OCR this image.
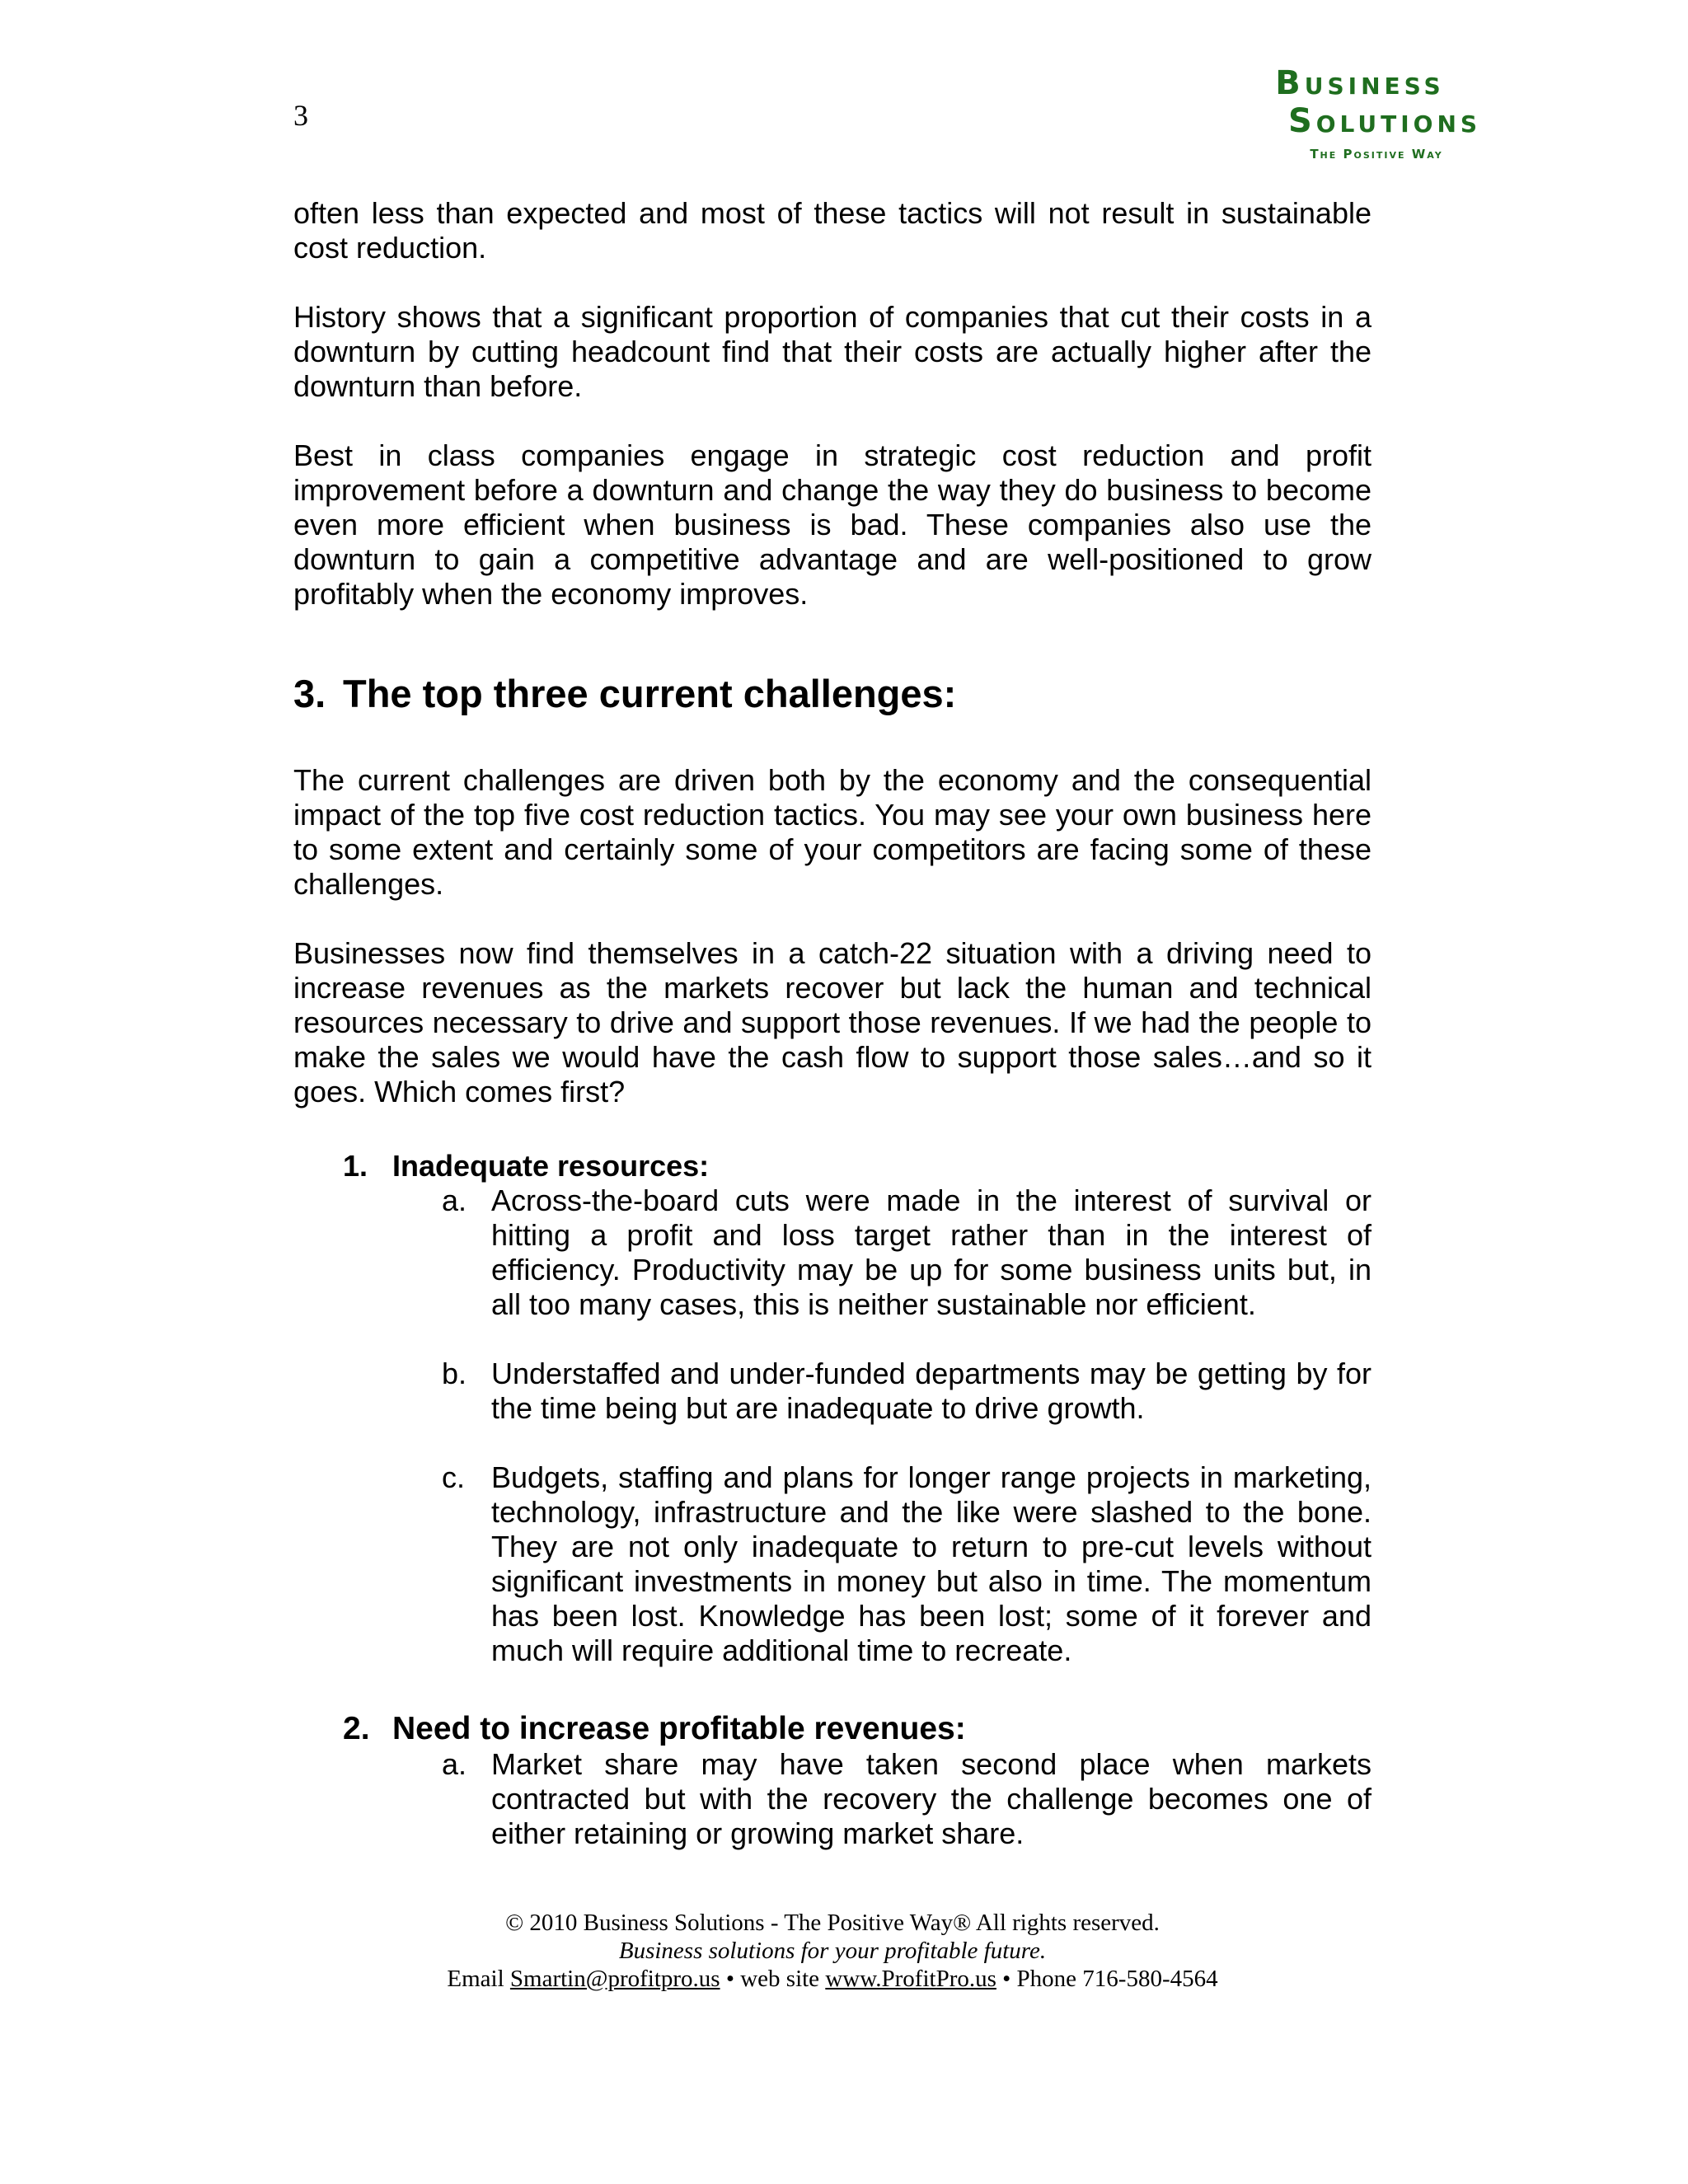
3
Business
Solutions
The Positive Way

often less than expected and most of these tactics will not result in sustainable cost reduction.

History shows that a significant proportion of companies that cut their costs in a downturn by cutting headcount find that their costs are actually higher after the downturn than before.

Best in class companies engage in strategic cost reduction and profit improvement before a downturn and change the way they do business to become even more efficient when business is bad. These companies also use the downturn to gain a competitive advantage and are well-positioned to grow profitably when the economy improves.

3. The top three current challenges:

The current challenges are driven both by the economy and the consequential impact of the top five cost reduction tactics. You may see your own business here to some extent and certainly some of your competitors are facing some of these challenges.

Businesses now find themselves in a catch-22 situation with a driving need to increase revenues as the markets recover but lack the human and technical resources necessary to drive and support those revenues. If we had the people to make the sales we would have the cash flow to support those sales…and so it goes. Which comes first?

1. Inadequate resources:
a. Across-the-board cuts were made in the interest of survival or hitting a profit and loss target rather than in the interest of efficiency. Productivity may be up for some business units but, in all too many cases, this is neither sustainable nor efficient.
b. Understaffed and under-funded departments may be getting by for the time being but are inadequate to drive growth.
c. Budgets, staffing and plans for longer range projects in marketing, technology, infrastructure and the like were slashed to the bone. They are not only inadequate to return to pre-cut levels without significant investments in money but also in time. The momentum has been lost. Knowledge has been lost; some of it forever and much will require additional time to recreate.
2. Need to increase profitable revenues:
a. Market share may have taken second place when markets contracted but with the recovery the challenge becomes one of either retaining or growing market share.
© 2010 Business Solutions - The Positive Way® All rights reserved.
Business solutions for your profitable future.
Email Smartin@profitpro.us • web site www.ProfitPro.us • Phone 716-580-4564
